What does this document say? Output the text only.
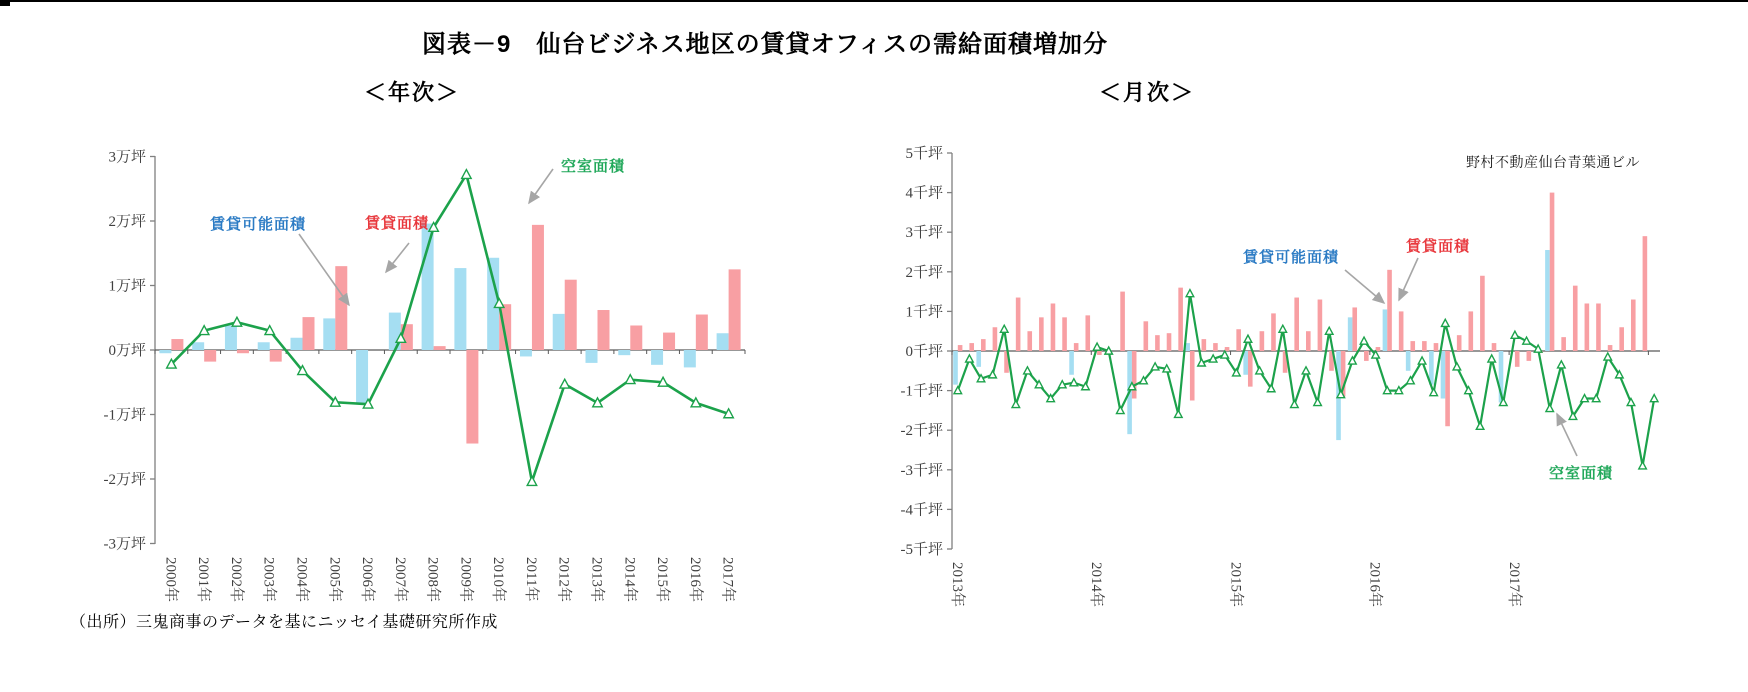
図表－9　仙台ビジネス地区の賃貸オフィスの需給面積増加分
＜年次＞	＜月次＞
3万坪
2万坪
1万坪
0万坪
-1万坪
-2万坪
-3万坪
2000年 2001年 2002年 2003年 2004年 2005年 2006年 2007年 2008年 2009年 2010年 2011年 2012年 2013年 2014年 2015年 2016年 2017年
5千坪
4千坪
3千坪
2千坪
1千坪
0千坪
-1千坪
-2千坪
-3千坪
-4千坪
-5千坪
2013年	2014年	2015年	2016年	2017年
賃貸可能面積	賃貸面積
空室面積
賃貸可能面積
賃貸面積
空室面積
野村不動産仙台青葉通ビル
（出所）三鬼商事のデータを基にニッセイ基礎研究所作成
